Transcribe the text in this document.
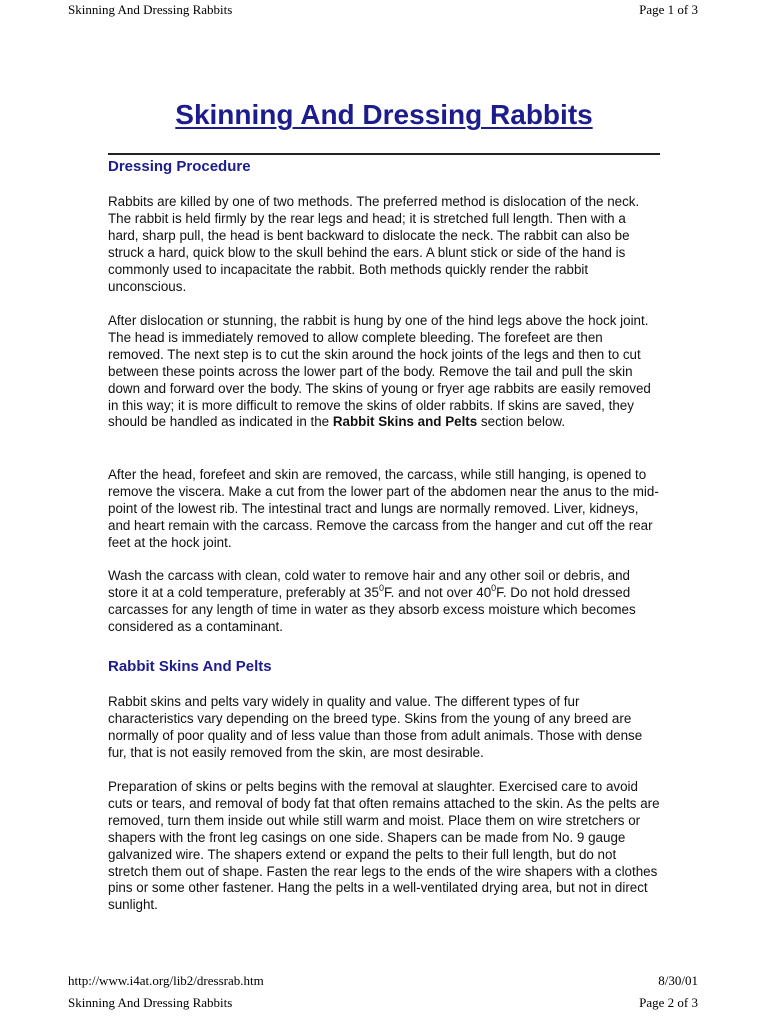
Skinning And Dressing Rabbits	Page 1 of 3
Skinning And Dressing Rabbits
Dressing Procedure

Rabbits are killed by one of two methods. The preferred method is dislocation of the neck. The rabbit is held firmly by the rear legs and head; it is stretched full length. Then with a hard, sharp pull, the head is bent backward to dislocate the neck. The rabbit can also be struck a hard, quick blow to the skull behind the ears. A blunt stick or side of the hand is commonly used to incapacitate the rabbit. Both methods quickly render the rabbit unconscious.

After dislocation or stunning, the rabbit is hung by one of the hind legs above the hock joint. The head is immediately removed to allow complete bleeding. The forefeet are then removed. The next step is to cut the skin around the hock joints of the legs and then to cut between these points across the lower part of the body. Remove the tail and pull the skin down and forward over the body. The skins of young or fryer age rabbits are easily removed in this way; it is more difficult to remove the skins of older rabbits. If skins are saved, they should be handled as indicated in the Rabbit Skins and Pelts section below.

After the head, forefeet and skin are removed, the carcass, while still hanging, is opened to remove the viscera. Make a cut from the lower part of the abdomen near the anus to the mid-point of the lowest rib. The intestinal tract and lungs are normally removed. Liver, kidneys, and heart remain with the carcass. Remove the carcass from the hanger and cut off the rear feet at the hock joint.

Wash the carcass with clean, cold water to remove hair and any other soil or debris, and store it at a cold temperature, preferably at $35^0F$. and not over $40^0F$. Do not hold dressed carcasses for any length of time in water as they absorb excess moisture which becomes considered as a contaminant.

Rabbit Skins And Pelts

Rabbit skins and pelts vary widely in quality and value. The different types of fur characteristics vary depending on the breed type. Skins from the young of any breed are normally of poor quality and of less value than those from adult animals. Those with dense fur, that is not easily removed from the skin, are most desirable.

Preparation of skins or pelts begins with the removal at slaughter. Exercised care to avoid cuts or tears, and removal of body fat that often remains attached to the skin. As the pelts are removed, turn them inside out while still warm and moist. Place them on wire stretchers or shapers with the front leg casings on one side. Shapers can be made from No. 9 gauge galvanized wire. The shapers extend or expand the pelts to their full length, but do not stretch them out of shape. Fasten the rear legs to the ends of the wire shapers with a clothes pins or some other fastener. Hang the pelts in a well-ventilated drying area, but not in direct sunlight.

http://www.i4at.org/lib2/dressrab.htm	8/30/01
Skinning And Dressing Rabbits	Page 2 of 3
